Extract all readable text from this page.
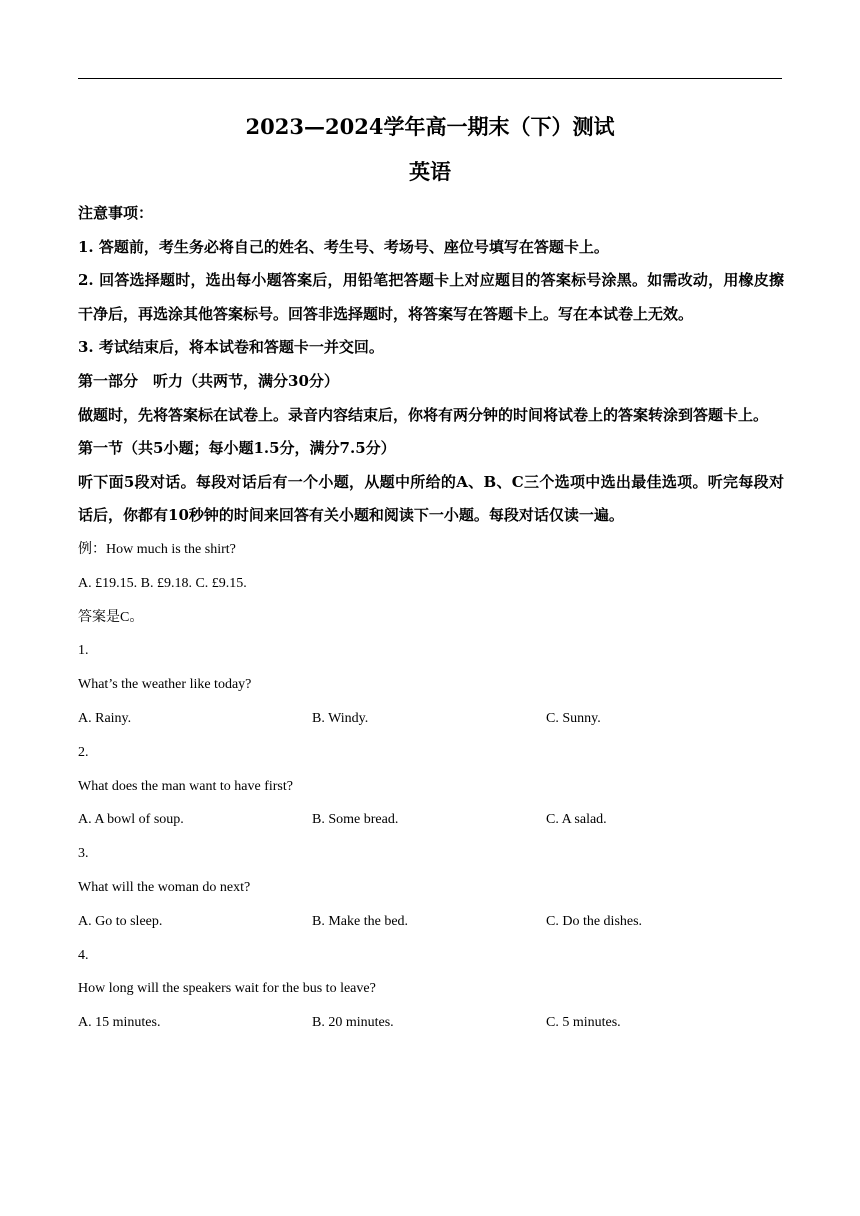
2023—2024学年高一期末（下）测试
英语

注意事项：

1. 答题前，考生务必将自己的姓名、考生号、考场号、座位号填写在答题卡上。

2. 回答选择题时，选出每小题答案后，用铅笔把答题卡上对应题目的答案标号涂黑。如需改动，用橡皮擦干净后，再选涂其他答案标号。回答非选择题时，将答案写在答题卡上。写在本试卷上无效。

3. 考试结束后，将本试卷和答题卡一并交回。

第一部分　听力（共两节，满分30分）

做题时，先将答案标在试卷上。录音内容结束后，你将有两分钟的时间将试卷上的答案转涂到答题卡上。

第一节（共5小题；每小题1.5分，满分7.5分）

听下面5段对话。每段对话后有一个小题，从题中所给的A、B、C三个选项中选出最佳选项。听完每段对话后，你都有10秒钟的时间来回答有关小题和阅读下一小题。每段对话仅读一遍。

例：How much is the shirt?

A. £19.15. B. £9.18. C. £9.15.

答案是C。

1.

What’s the weather like today?

A. Rainy.	B. Windy.	C. Sunny.

2.

What does the man want to have first?

A. A bowl of soup.	B. Some bread.	C. A salad.

3.

What will the woman do next?

A. Go to sleep.	B. Make the bed.	C. Do the dishes.

4.

How long will the speakers wait for the bus to leave?

A. 15 minutes.	B. 20 minutes.	C. 5 minutes.
